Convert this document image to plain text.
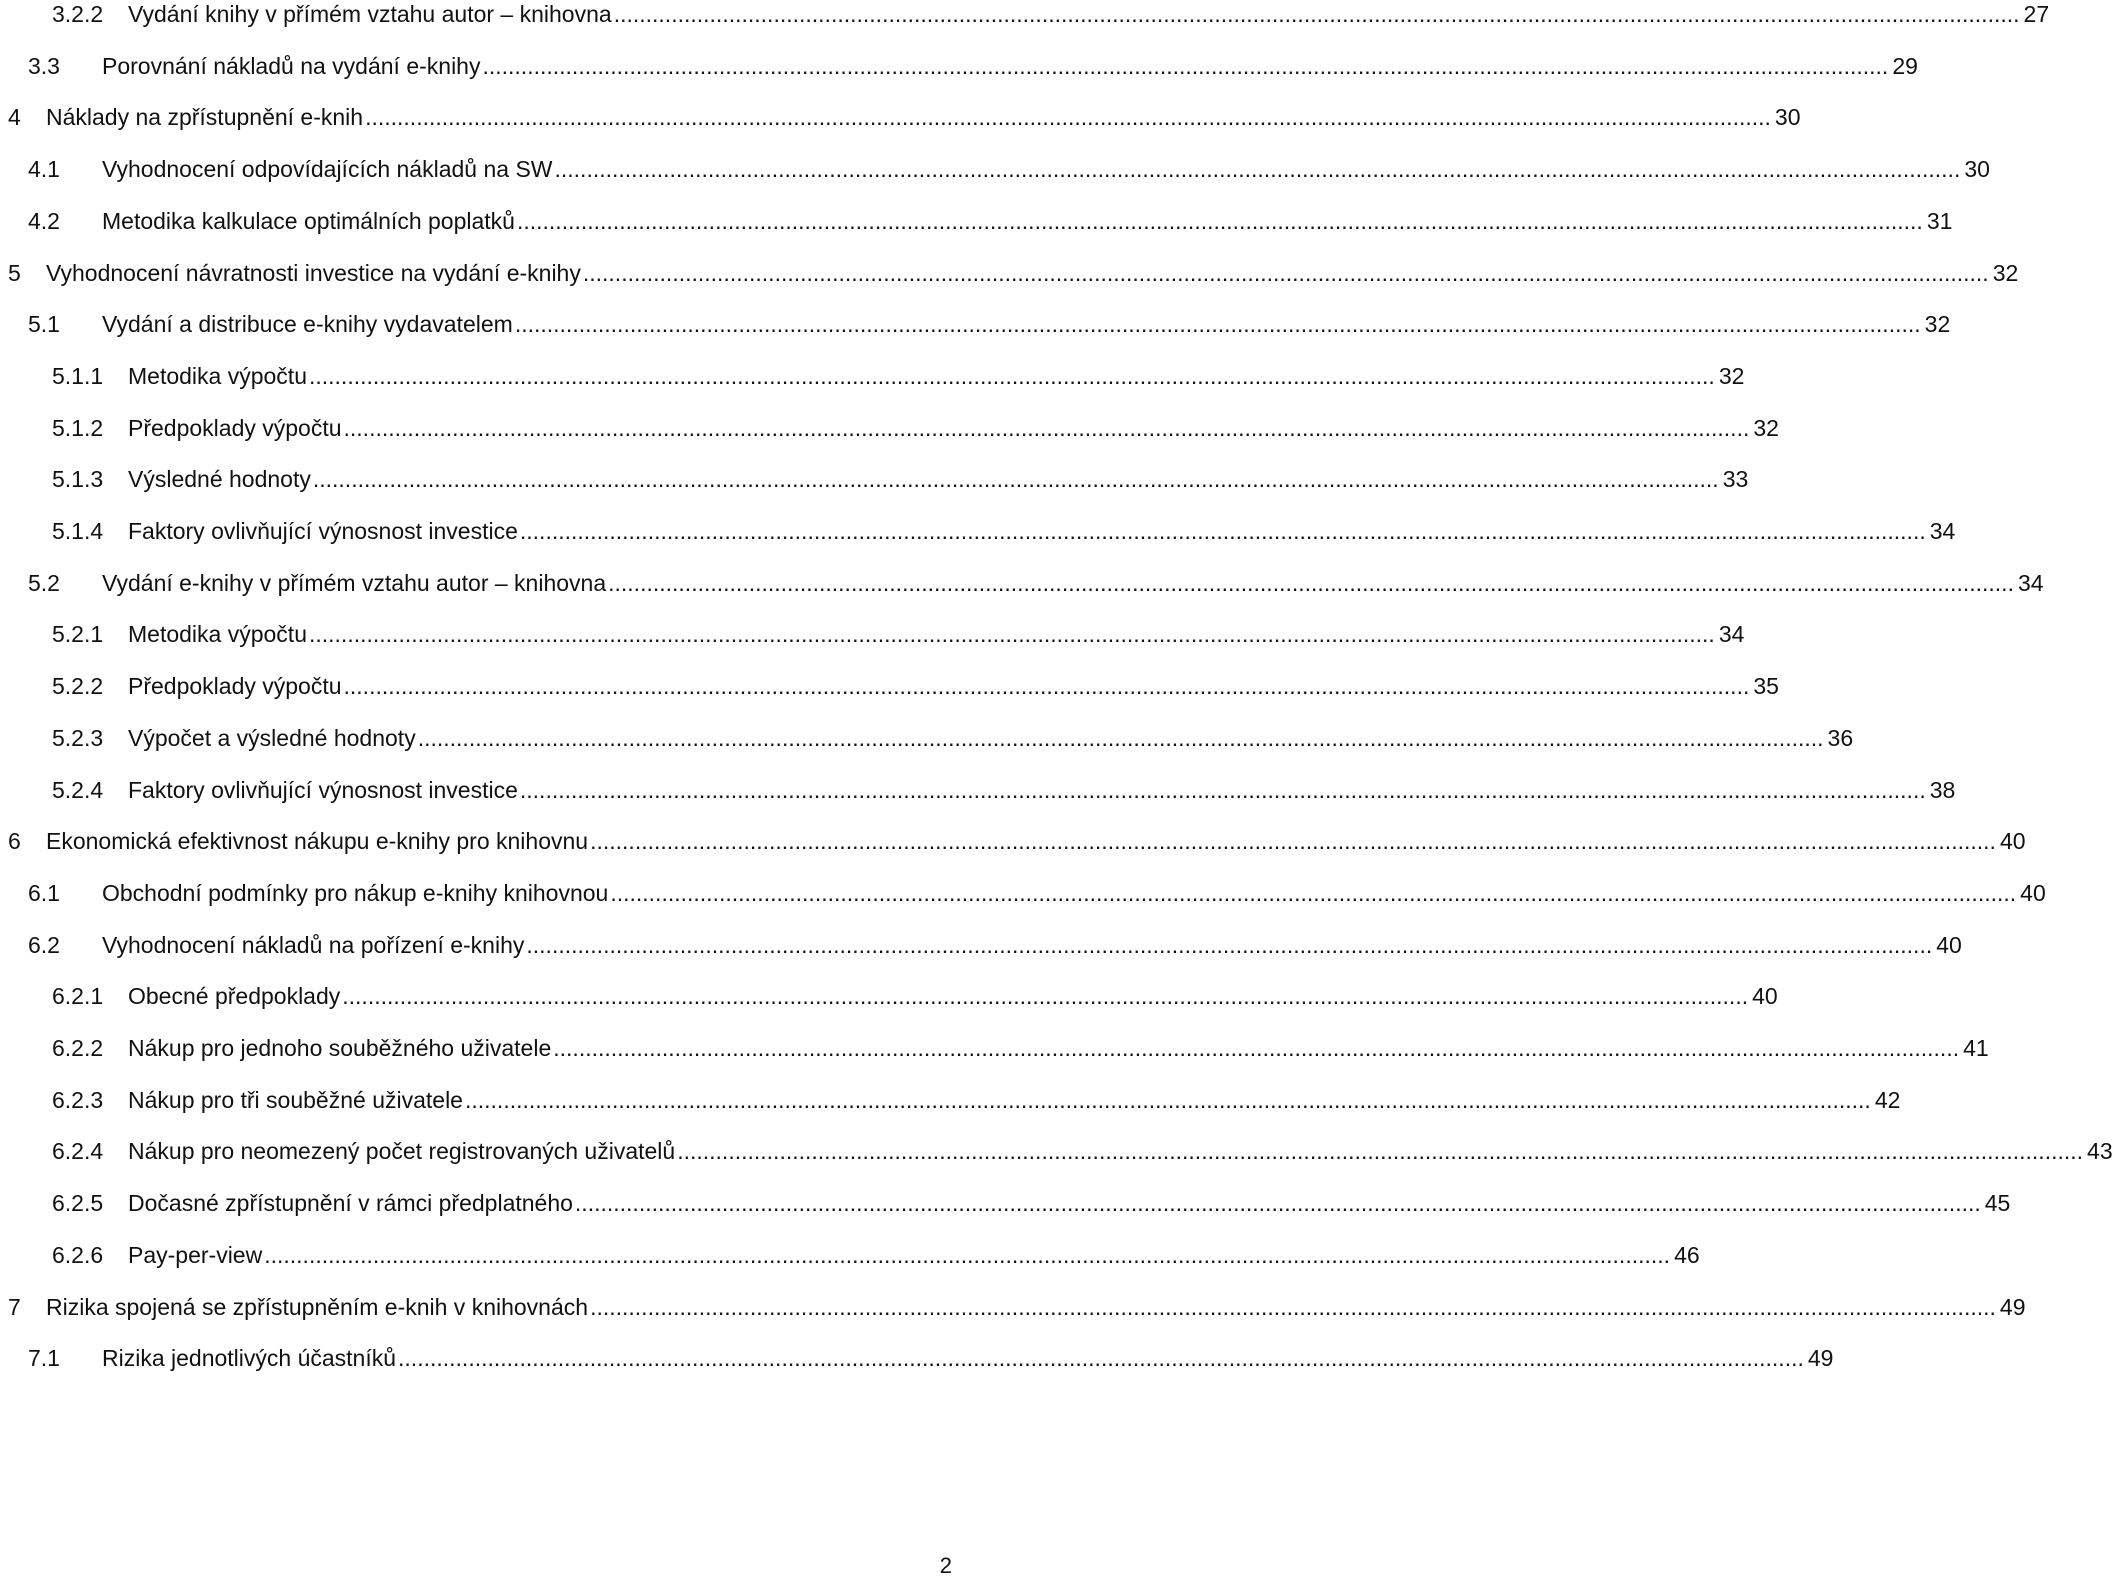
3.2.2	Vydání knihy v přímém vztahu autor – knihovna ............................................................................................................................................................................................................................ 27
3.3	Porovnání nákladů na vydání e-knihy ............................................................................................................................................................................................................................ 29
4	Náklady na zpřístupnění e-knih ............................................................................................................................................................................................................................ 30
4.1	Vyhodnocení odpovídajících nákladů na SW ............................................................................................................................................................................................................................ 30
4.2	Metodika kalkulace optimálních poplatků ............................................................................................................................................................................................................................ 31
5	Vyhodnocení návratnosti investice na vydání e-knihy ............................................................................................................................................................................................................................ 32
5.1	Vydání a distribuce e-knihy vydavatelem ............................................................................................................................................................................................................................ 32
5.1.1	Metodika výpočtu ............................................................................................................................................................................................................................ 32
5.1.2	Předpoklady výpočtu ............................................................................................................................................................................................................................ 32
5.1.3	Výsledné hodnoty ............................................................................................................................................................................................................................ 33
5.1.4	Faktory ovlivňující výnosnost investice ............................................................................................................................................................................................................................ 34
5.2	Vydání e-knihy v přímém vztahu autor – knihovna ............................................................................................................................................................................................................................ 34
5.2.1	Metodika výpočtu ............................................................................................................................................................................................................................ 34
5.2.2	Předpoklady výpočtu ............................................................................................................................................................................................................................ 35
5.2.3	Výpočet a výsledné hodnoty ............................................................................................................................................................................................................................ 36
5.2.4	Faktory ovlivňující výnosnost investice ............................................................................................................................................................................................................................ 38
6	Ekonomická efektivnost nákupu e-knihy pro knihovnu ............................................................................................................................................................................................................................ 40
6.1	Obchodní podmínky pro nákup e-knihy knihovnou ............................................................................................................................................................................................................................ 40
6.2	Vyhodnocení nákladů na pořízení e-knihy ............................................................................................................................................................................................................................ 40
6.2.1	Obecné předpoklady ............................................................................................................................................................................................................................ 40
6.2.2	Nákup pro jednoho souběžného uživatele ............................................................................................................................................................................................................................ 41
6.2.3	Nákup pro tři souběžné uživatele ............................................................................................................................................................................................................................ 42
6.2.4	Nákup pro neomezený počet registrovaných uživatelů ............................................................................................................................................................................................................................ 43
6.2.5	Dočasné zpřístupnění v rámci předplatného ............................................................................................................................................................................................................................ 45
6.2.6	Pay-per-view ............................................................................................................................................................................................................................ 46
7	Rizika spojená se zpřístupněním e-knih v knihovnách ............................................................................................................................................................................................................................ 49
7.1	Rizika jednotlivých účastníků ............................................................................................................................................................................................................................ 49
2
